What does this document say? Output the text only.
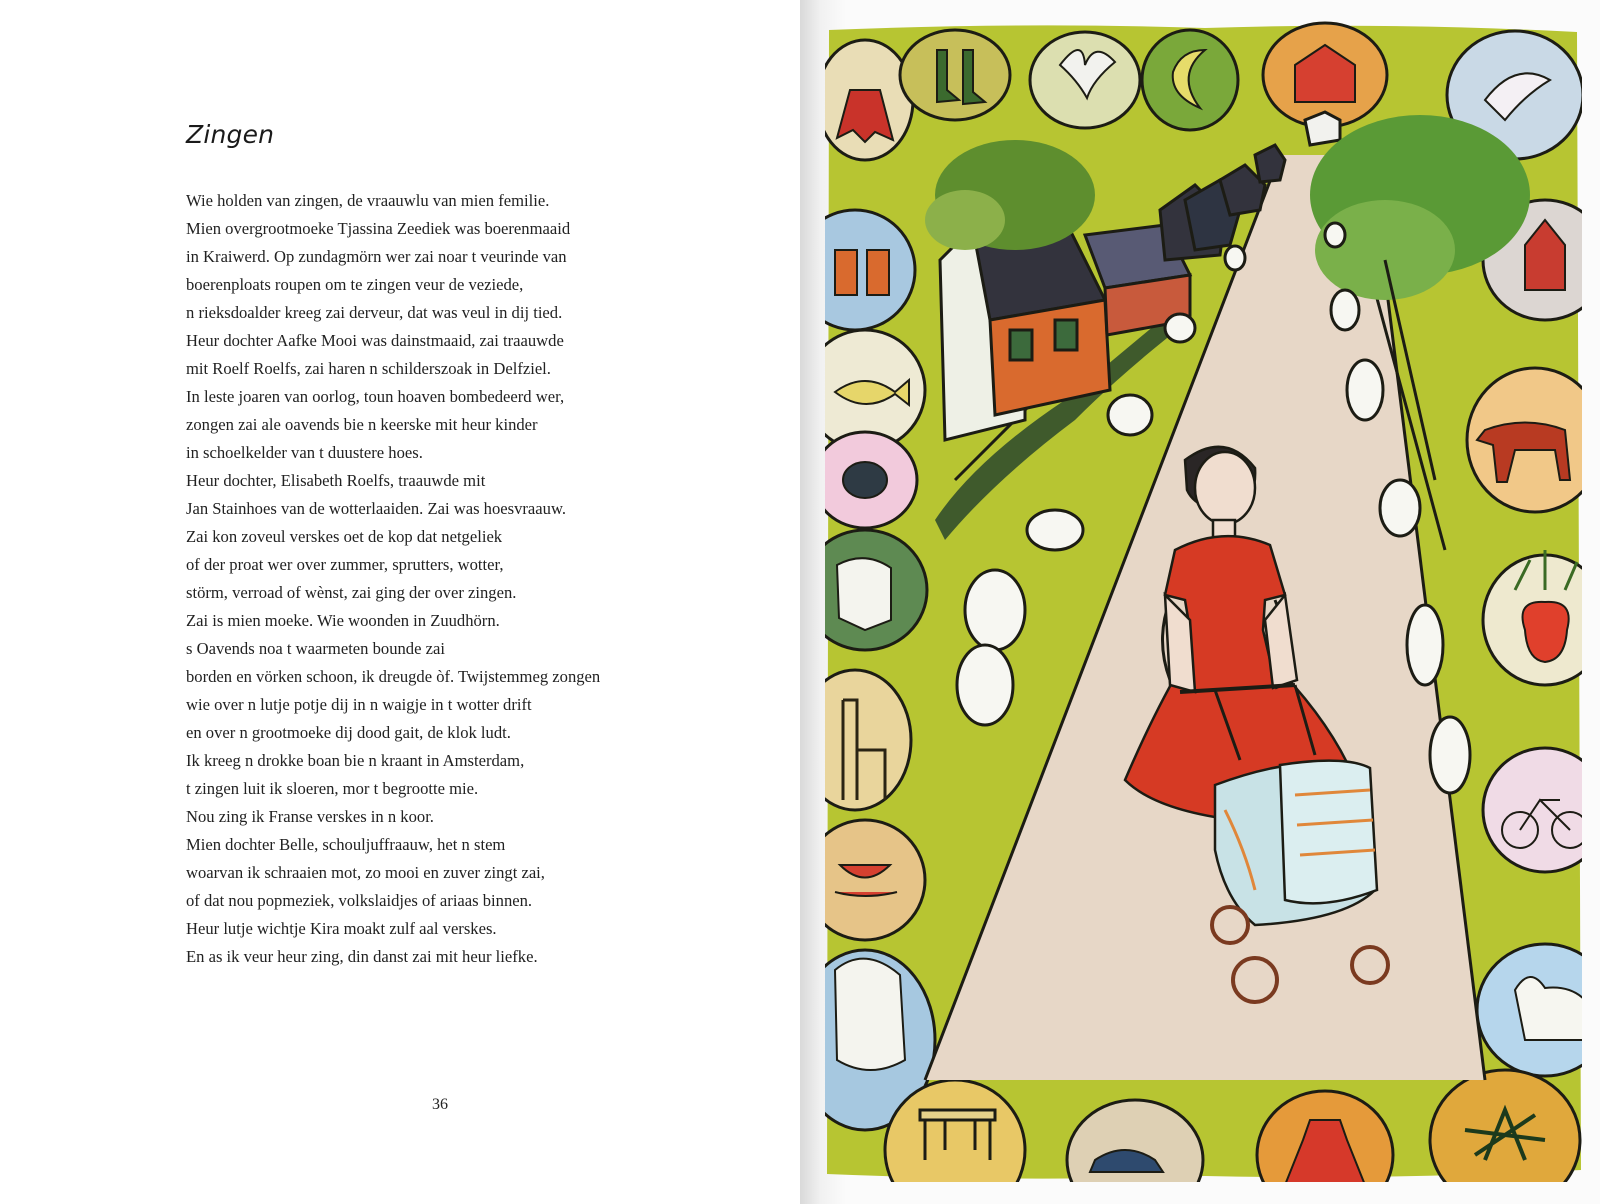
Zingen
Wie holden van zingen, de vraauwlu van mien femilie.
Mien overgrootmoeke Tjassina Zeediek was boerenmaaid
in Kraiwerd. Op zundagmörn wer zai noar t veurinde van
boerenploats roupen om te zingen veur de veziede,
n rieksdoalder kreeg zai derveur, dat was veul in dij tied.
Heur dochter Aafke Mooi was dainstmaaid, zai traauwde
mit Roelf Roelfs, zai haren n schilderszoak in Delfziel.
In leste joaren van oorlog, toun hoaven bombedeerd wer,
zongen zai ale oavends bie n keerske mit heur kinder
in schoelkelder van t duustere hoes.
Heur dochter, Elisabeth Roelfs, traauwde mit
Jan Stainhoes van de wotterlaaiden. Zai was hoesvraauw.
Zai kon zoveul verskes oet de kop dat netgeliek
of der proat wer over zummer, sprutters, wotter,
störm, verroad of wènst, zai ging der over zingen.
Zai is mien moeke. Wie woonden in Zuudhörn.
s Oavends noa t waarmeten bounde zai
borden en vörken schoon, ik dreugde òf. Twijstemmeg zongen
wie over n lutje potje dij in n waigje in t wotter drift
en over n grootmoeke dij dood gait, de klok ludt.
Ik kreeg n drokke boan bie n kraant in Amsterdam,
t zingen luit ik sloeren, mor t begrootte mie.
Nou zing ik Franse verskes in n koor.
Mien dochter Belle, schouljuffraauw, het n stem
woarvan ik schraaien mot, zo mooi en zuver zingt zai,
of dat nou popmeziek, volkslaidjes of ariaas binnen.
Heur lutje wichtje Kira moakt zulf aal verskes.
En as ik veur heur zing, din danst zai mit heur liefke.
36
